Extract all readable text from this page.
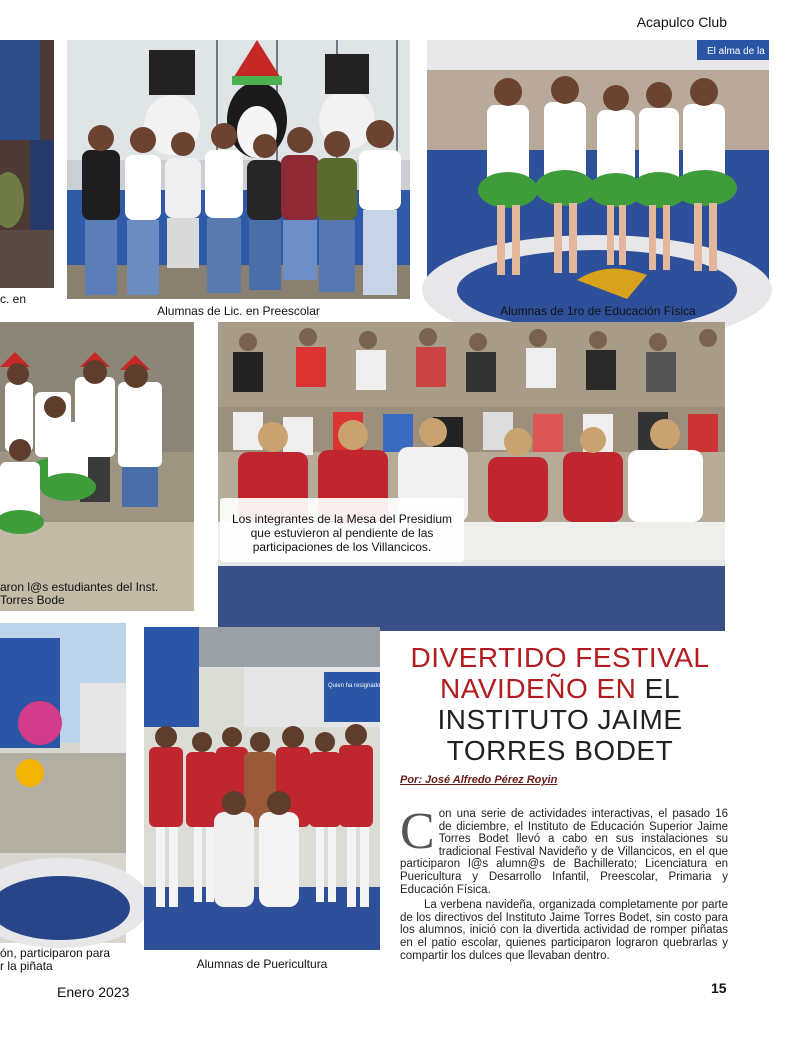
Acapulco Club
c. en
Alumnas de Lic. en Preescolar
El alma de la
Alumnas de 1ro de Educación Física
aron l@s estudiantes del Inst.
Torres Bode
Los integrantes de la Mesa del Presidium que estuvieron al pendiente de las participaciones de los Villancicos.
ón, participaron para
r la piñata
Quien ha resignado tanto más se amarga
Alumnas de Puericultura
DIVERTIDO FESTIVAL
NAVIDEÑO EN EL
INSTITUTO JAIME
TORRES BODET
Por: José Alfredo Pérez Royin

Con una serie de actividades interactivas, el pasado 16 de diciembre, el Instituto de Educación Superior Jaime Torres Bodet llevó a cabo en sus instalaciones su tradicional Festival Navideño y de Villancicos, en el que participaron l@s alumn@s de Bachillerato; Licenciatura en Puericultura y Desarrollo Infantil, Preescolar, Primaria y Educación Física.

La verbena navideña, organizada completamente por parte de los directivos del Instituto Jaime Torres Bodet, sin costo para los alumnos, inició con la divertida actividad de romper piñatas en el patio escolar, quienes participaron lograron quebrarlas y compartir los dulces que llevaban dentro.

Enero 2023	15
